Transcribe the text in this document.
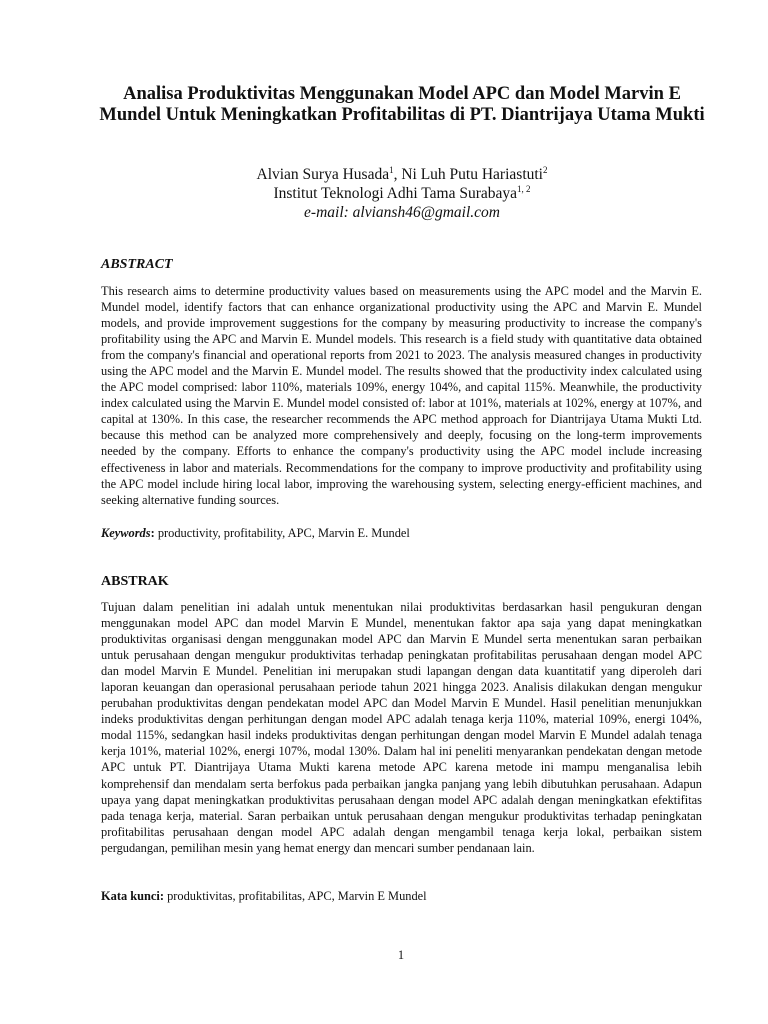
Analisa Produktivitas Menggunakan Model APC dan Model Marvin E Mundel Untuk Meningkatkan Profitabilitas di PT. Diantrijaya Utama Mukti
Alvian Surya Husada$^1$, Ni Luh Putu Hariastuti$^2$
Institut Teknologi Adhi Tama Surabaya$^{1, 2}$
e-mail: alviansh46@gmail.com
ABSTRACT

This research aims to determine productivity values based on measurements using the APC model and the Marvin E. Mundel model, identify factors that can enhance organizational productivity using the APC and Marvin E. Mundel models, and provide improvement suggestions for the company by measuring productivity to increase the company's profitability using the APC and Marvin E. Mundel models. This research is a field study with quantitative data obtained from the company's financial and operational reports from 2021 to 2023. The analysis measured changes in productivity using the APC model and the Marvin E. Mundel model. The results showed that the productivity index calculated using the APC model comprised: labor 110%, materials 109%, energy 104%, and capital 115%. Meanwhile, the productivity index calculated using the Marvin E. Mundel model consisted of: labor at 101%, materials at 102%, energy at 107%, and capital at 130%. In this case, the researcher recommends the APC method approach for Diantrijaya Utama Mukti Ltd. because this method can be analyzed more comprehensively and deeply, focusing on the long-term improvements needed by the company. Efforts to enhance the company's productivity using the APC model include increasing effectiveness in labor and materials. Recommendations for the company to improve productivity and profitability using the APC model include hiring local labor, improving the warehousing system, selecting energy-efficient machines, and seeking alternative funding sources.

Keywords: productivity, profitability, APC, Marvin E. Mundel

ABSTRAK

Tujuan dalam penelitian ini adalah untuk menentukan nilai produktivitas berdasarkan hasil pengukuran dengan menggunakan model APC dan model Marvin E Mundel, menentukan faktor apa saja yang dapat meningkatkan produktivitas organisasi dengan menggunakan model APC dan Marvin E Mundel serta menentukan saran perbaikan untuk perusahaan dengan mengukur produktivitas terhadap peningkatan profitabilitas perusahaan dengan model APC dan model Marvin E Mundel. Penelitian ini merupakan studi lapangan dengan data kuantitatif yang diperoleh dari laporan keuangan dan operasional perusahaan periode tahun 2021 hingga 2023. Analisis dilakukan dengan mengukur perubahan produktivitas dengan pendekatan model APC dan Model Marvin E Mundel. Hasil penelitian menunjukkan indeks produktivitas dengan perhitungan dengan model APC adalah tenaga kerja 110%, material 109%, energi 104%, modal 115%, sedangkan hasil indeks produktivitas dengan perhitungan dengan model Marvin E Mundel adalah tenaga kerja 101%, material 102%, energi 107%, modal 130%. Dalam hal ini peneliti menyarankan pendekatan dengan metode APC untuk PT. Diantrijaya Utama Mukti karena metode APC karena metode ini mampu menganalisa lebih komprehensif dan mendalam serta berfokus pada perbaikan jangka panjang yang lebih dibutuhkan perusahaan. Adapun upaya yang dapat meningkatkan produktivitas perusahaan dengan model APC adalah dengan meningkatkan efektifitas pada tenaga kerja, material. Saran perbaikan untuk perusahaan dengan mengukur produktivitas terhadap peningkatan profitabilitas perusahaan dengan model APC adalah dengan mengambil tenaga kerja lokal, perbaikan sistem pergudangan, pemilihan mesin yang hemat energy dan mencari sumber pendanaan lain.

Kata kunci: produktivitas, profitabilitas, APC, Marvin E Mundel

1
